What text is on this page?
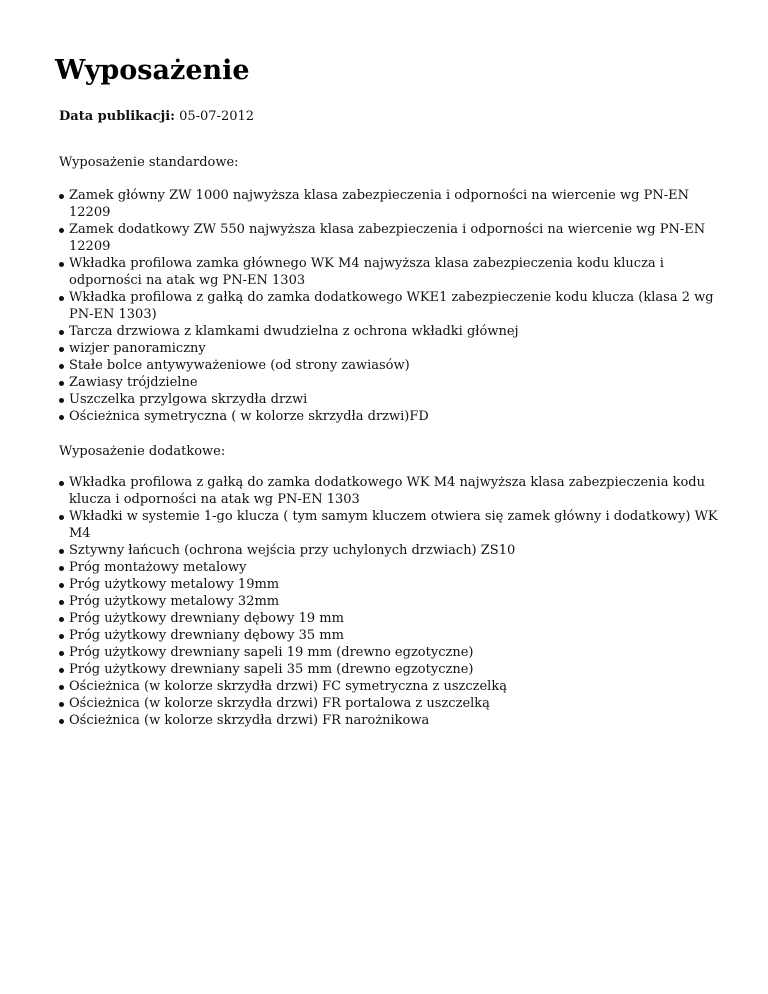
Wyposażenie

Data publikacji: 05-07-2012

Wyposażenie standardowe:

Zamek główny ZW 1000 najwyższa klasa zabezpieczenia i odporności na wiercenie wg PN-EN 12209
Zamek dodatkowy ZW 550 najwyższa klasa zabezpieczenia i odporności na wiercenie wg PN-EN 12209
Wkładka profilowa zamka głównego WK M4 najwyższa klasa zabezpieczenia kodu klucza i odporności na atak wg PN-EN 1303
Wkładka profilowa z gałką do zamka dodatkowego WKE1 zabezpieczenie kodu klucza (klasa 2 wg PN-EN 1303)
Tarcza drzwiowa z klamkami dwudzielna z ochrona wkładki głównej
wizjer panoramiczny
Stałe bolce antywyważeniowe (od strony zawiasów)
Zawiasy trójdzielne
Uszczelka przylgowa skrzydła drzwi
Ościeżnica symetryczna ( w kolorze skrzydła drzwi)FD

Wyposażenie dodatkowe:

Wkładka profilowa z gałką do zamka dodatkowego WK M4 najwyższa klasa zabezpieczenia kodu klucza i odporności na atak wg PN-EN 1303
Wkładki w systemie 1-go klucza ( tym samym kluczem otwiera się zamek główny i dodatkowy) WK M4
Sztywny łańcuch (ochrona wejścia przy uchylonych drzwiach) ZS10
Próg montażowy metalowy
Próg użytkowy metalowy 19mm
Próg użytkowy metalowy 32mm
Próg użytkowy drewniany dębowy 19 mm
Próg użytkowy drewniany dębowy 35 mm
Próg użytkowy drewniany sapeli 19 mm (drewno egzotyczne)
Próg użytkowy drewniany sapeli 35 mm (drewno egzotyczne)
Ościeżnica (w kolorze skrzydła drzwi) FC symetryczna z uszczelką
Ościeżnica (w kolorze skrzydła drzwi) FR portalowa z uszczelką
Ościeżnica (w kolorze skrzydła drzwi) FR narożnikowa
